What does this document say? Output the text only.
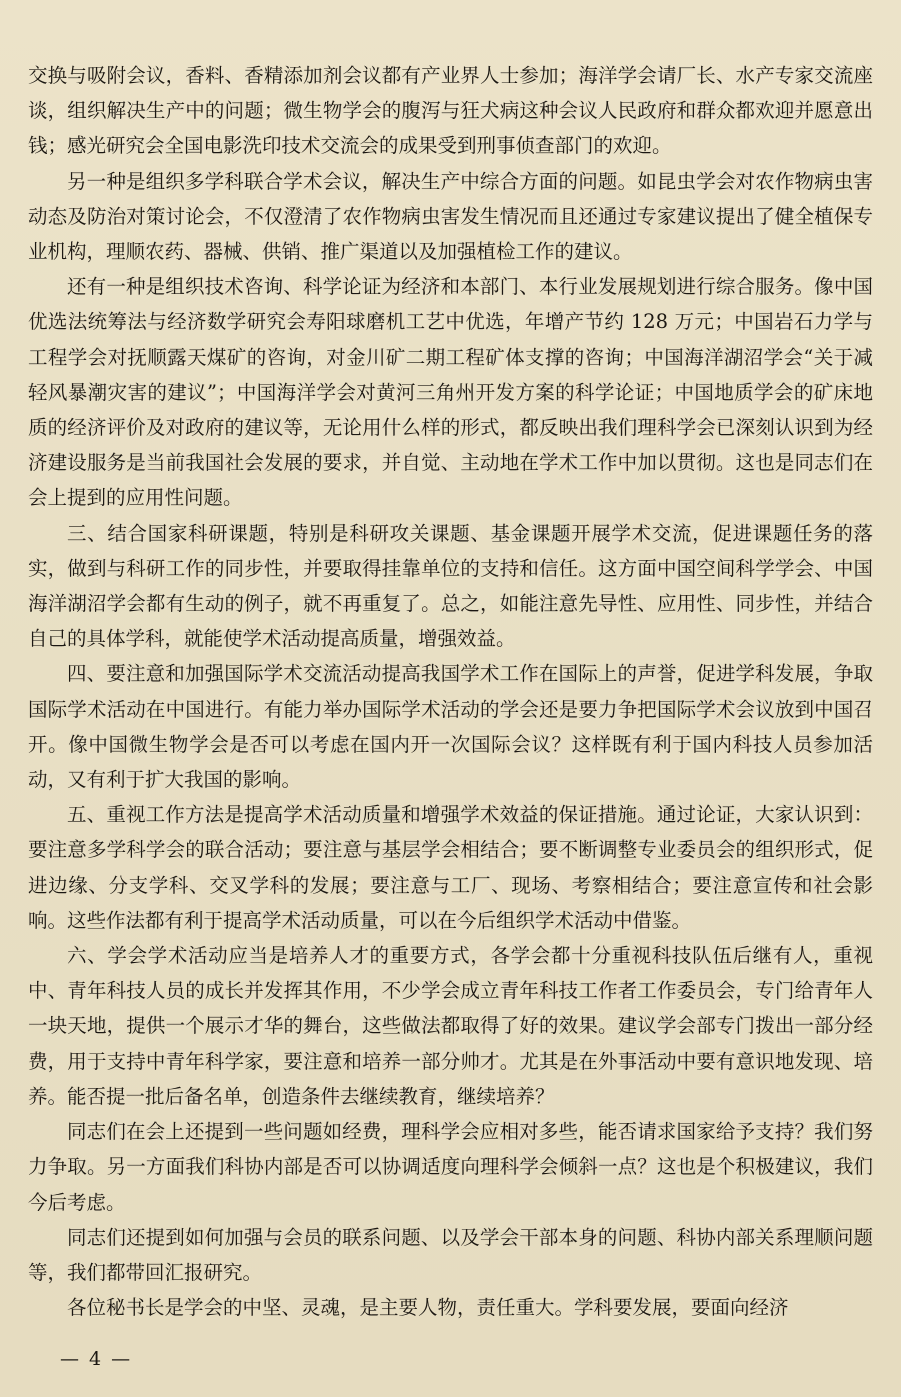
交换与吸附会议，香料、香精添加剂会议都有产业界人士参加；海洋学会请厂长、水产专家交流座谈，组织解决生产中的问题；微生物学会的腹泻与狂犬病这种会议人民政府和群众都欢迎并愿意出钱；感光研究会全国电影洗印技术交流会的成果受到刑事侦查部门的欢迎。

另一种是组织多学科联合学术会议，解决生产中综合方面的问题。如昆虫学会对农作物病虫害动态及防治对策讨论会，不仅澄清了农作物病虫害发生情况而且还通过专家建议提出了健全植保专业机构，理顺农药、器械、供销、推广渠道以及加强植检工作的建议。

还有一种是组织技术咨询、科学论证为经济和本部门、本行业发展规划进行综合服务。像中国优选法统筹法与经济数学研究会寿阳球磨机工艺中优选，年增产节约 128 万元；中国岩石力学与工程学会对抚顺露天煤矿的咨询，对金川矿二期工程矿体支撑的咨询；中国海洋湖沼学会“关于减轻风暴潮灾害的建议”；中国海洋学会对黄河三角州开发方案的科学论证；中国地质学会的矿床地质的经济评价及对政府的建议等，无论用什么样的形式，都反映出我们理科学会已深刻认识到为经济建设服务是当前我国社会发展的要求，并自觉、主动地在学术工作中加以贯彻。这也是同志们在会上提到的应用性问题。

三、结合国家科研课题，特别是科研攻关课题、基金课题开展学术交流，促进课题任务的落实，做到与科研工作的同步性，并要取得挂靠单位的支持和信任。这方面中国空间科学学会、中国海洋湖沼学会都有生动的例子，就不再重复了。总之，如能注意先导性、应用性、同步性，并结合自己的具体学科，就能使学术活动提高质量，增强效益。

四、要注意和加强国际学术交流活动提高我国学术工作在国际上的声誉，促进学科发展，争取国际学术活动在中国进行。有能力举办国际学术活动的学会还是要力争把国际学术会议放到中国召开。像中国微生物学会是否可以考虑在国内开一次国际会议？这样既有利于国内科技人员参加活动，又有利于扩大我国的影响。

五、重视工作方法是提高学术活动质量和增强学术效益的保证措施。通过论证，大家认识到：要注意多学科学会的联合活动；要注意与基层学会相结合；要不断调整专业委员会的组织形式，促进边缘、分支学科、交叉学科的发展；要注意与工厂、现场、考察相结合；要注意宣传和社会影响。这些作法都有利于提高学术活动质量，可以在今后组织学术活动中借鉴。

六、学会学术活动应当是培养人才的重要方式，各学会都十分重视科技队伍后继有人，重视中、青年科技人员的成长并发挥其作用，不少学会成立青年科技工作者工作委员会，专门给青年人一块天地，提供一个展示才华的舞台，这些做法都取得了好的效果。建议学会部专门拨出一部分经费，用于支持中青年科学家，要注意和培养一部分帅才。尤其是在外事活动中要有意识地发现、培养。能否提一批后备名单，创造条件去继续教育，继续培养？

同志们在会上还提到一些问题如经费，理科学会应相对多些，能否请求国家给予支持？我们努力争取。另一方面我们科协内部是否可以协调适度向理科学会倾斜一点？这也是个积极建议，我们今后考虑。

同志们还提到如何加强与会员的联系问题、以及学会干部本身的问题、科协内部关系理顺问题等，我们都带回汇报研究。

各位秘书长是学会的中坚、灵魂，是主要人物，责任重大。学科要发展，要面向经济

— 4 —
